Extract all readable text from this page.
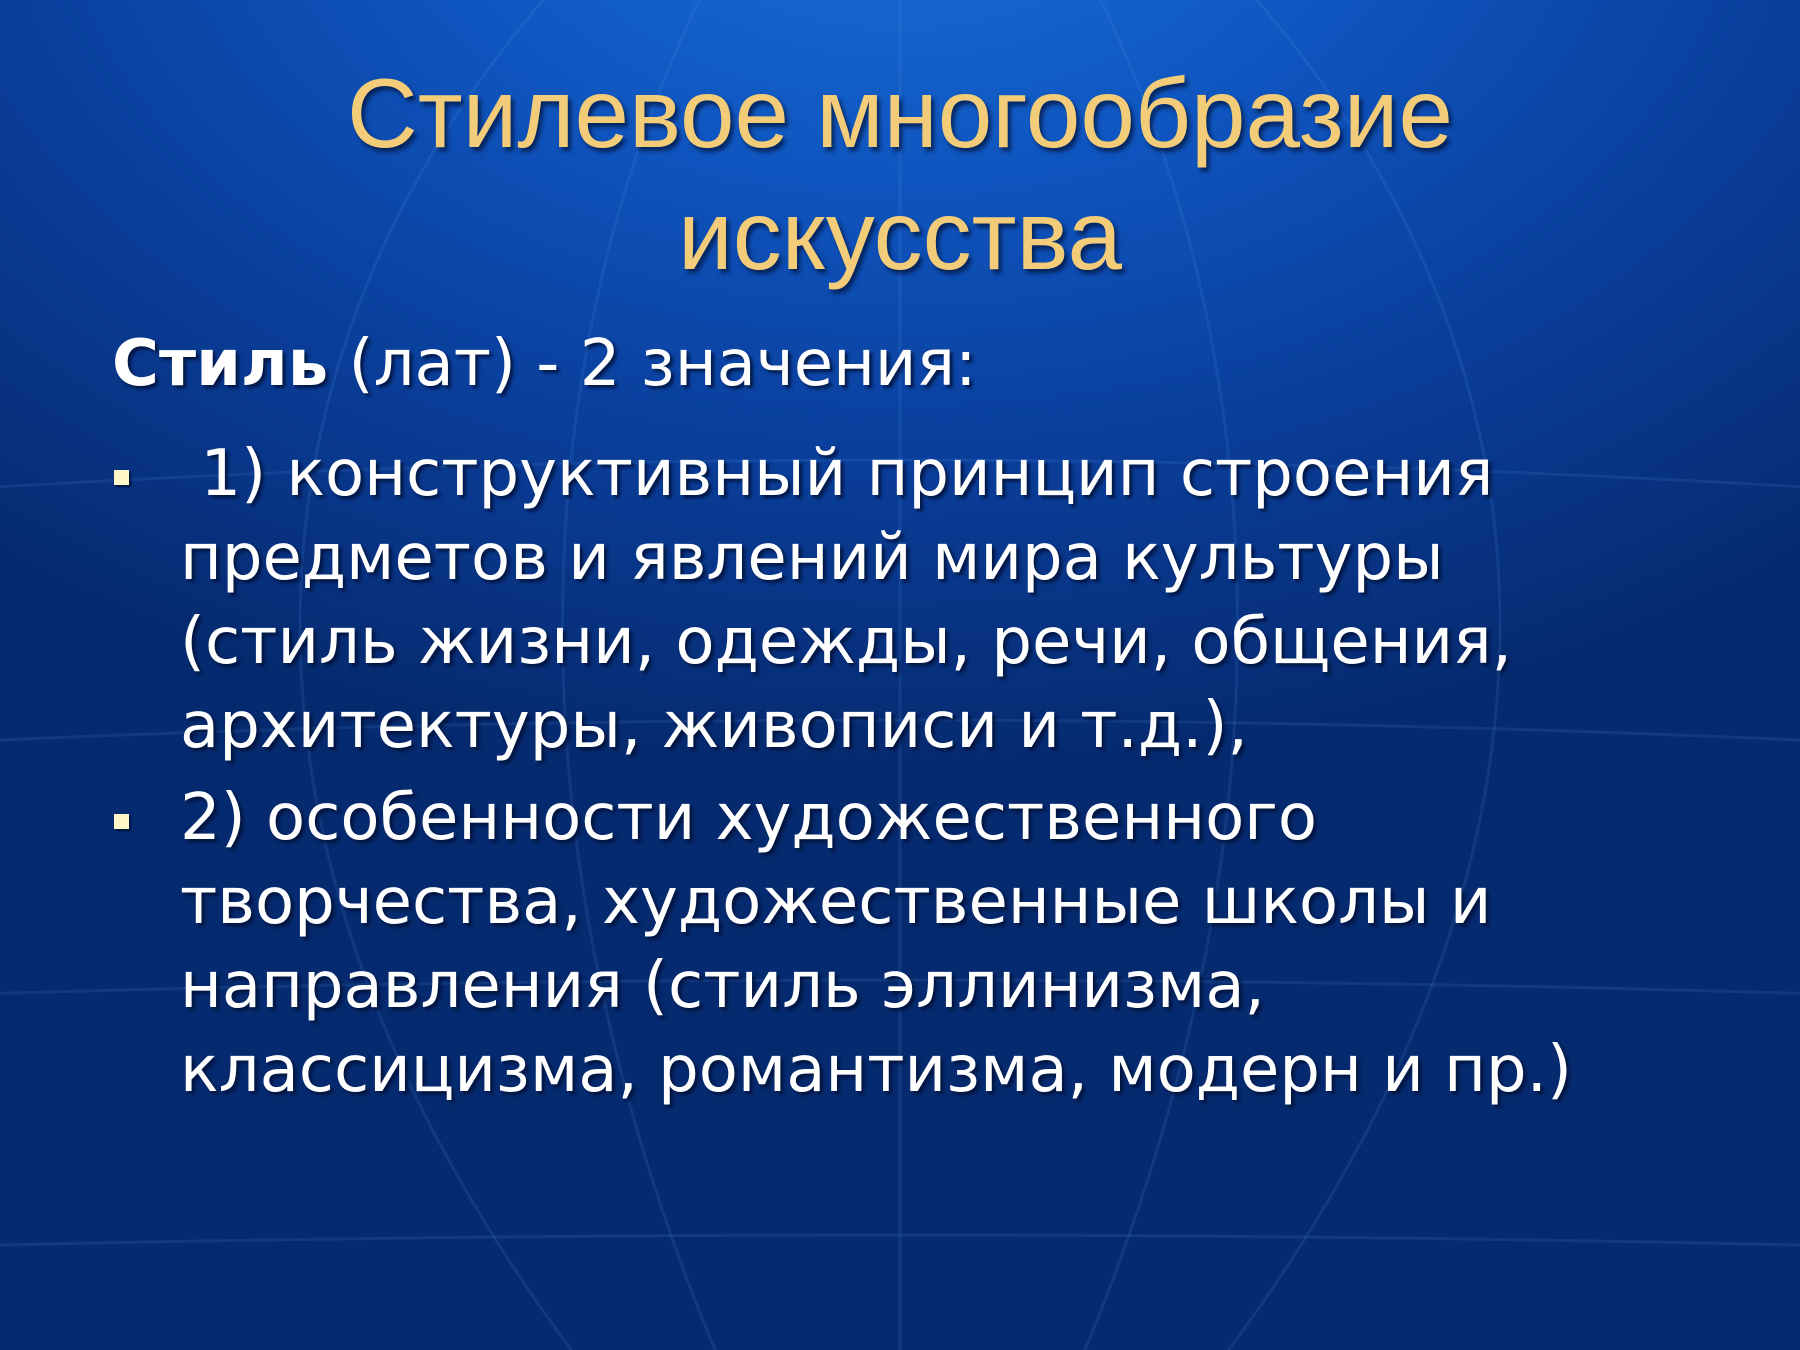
Стилевое многообразие
искусства
Стиль (лат) - 2 значения:
1) конструктивный принцип строения
предметов и явлений мира культуры
(стиль жизни, одежды, речи, общения,
архитектуры, живописи и т.д.),
2) особенности художественного
творчества, художественные школы и
направления (стиль эллинизма,
классицизма, романтизма, модерн и пр.)
